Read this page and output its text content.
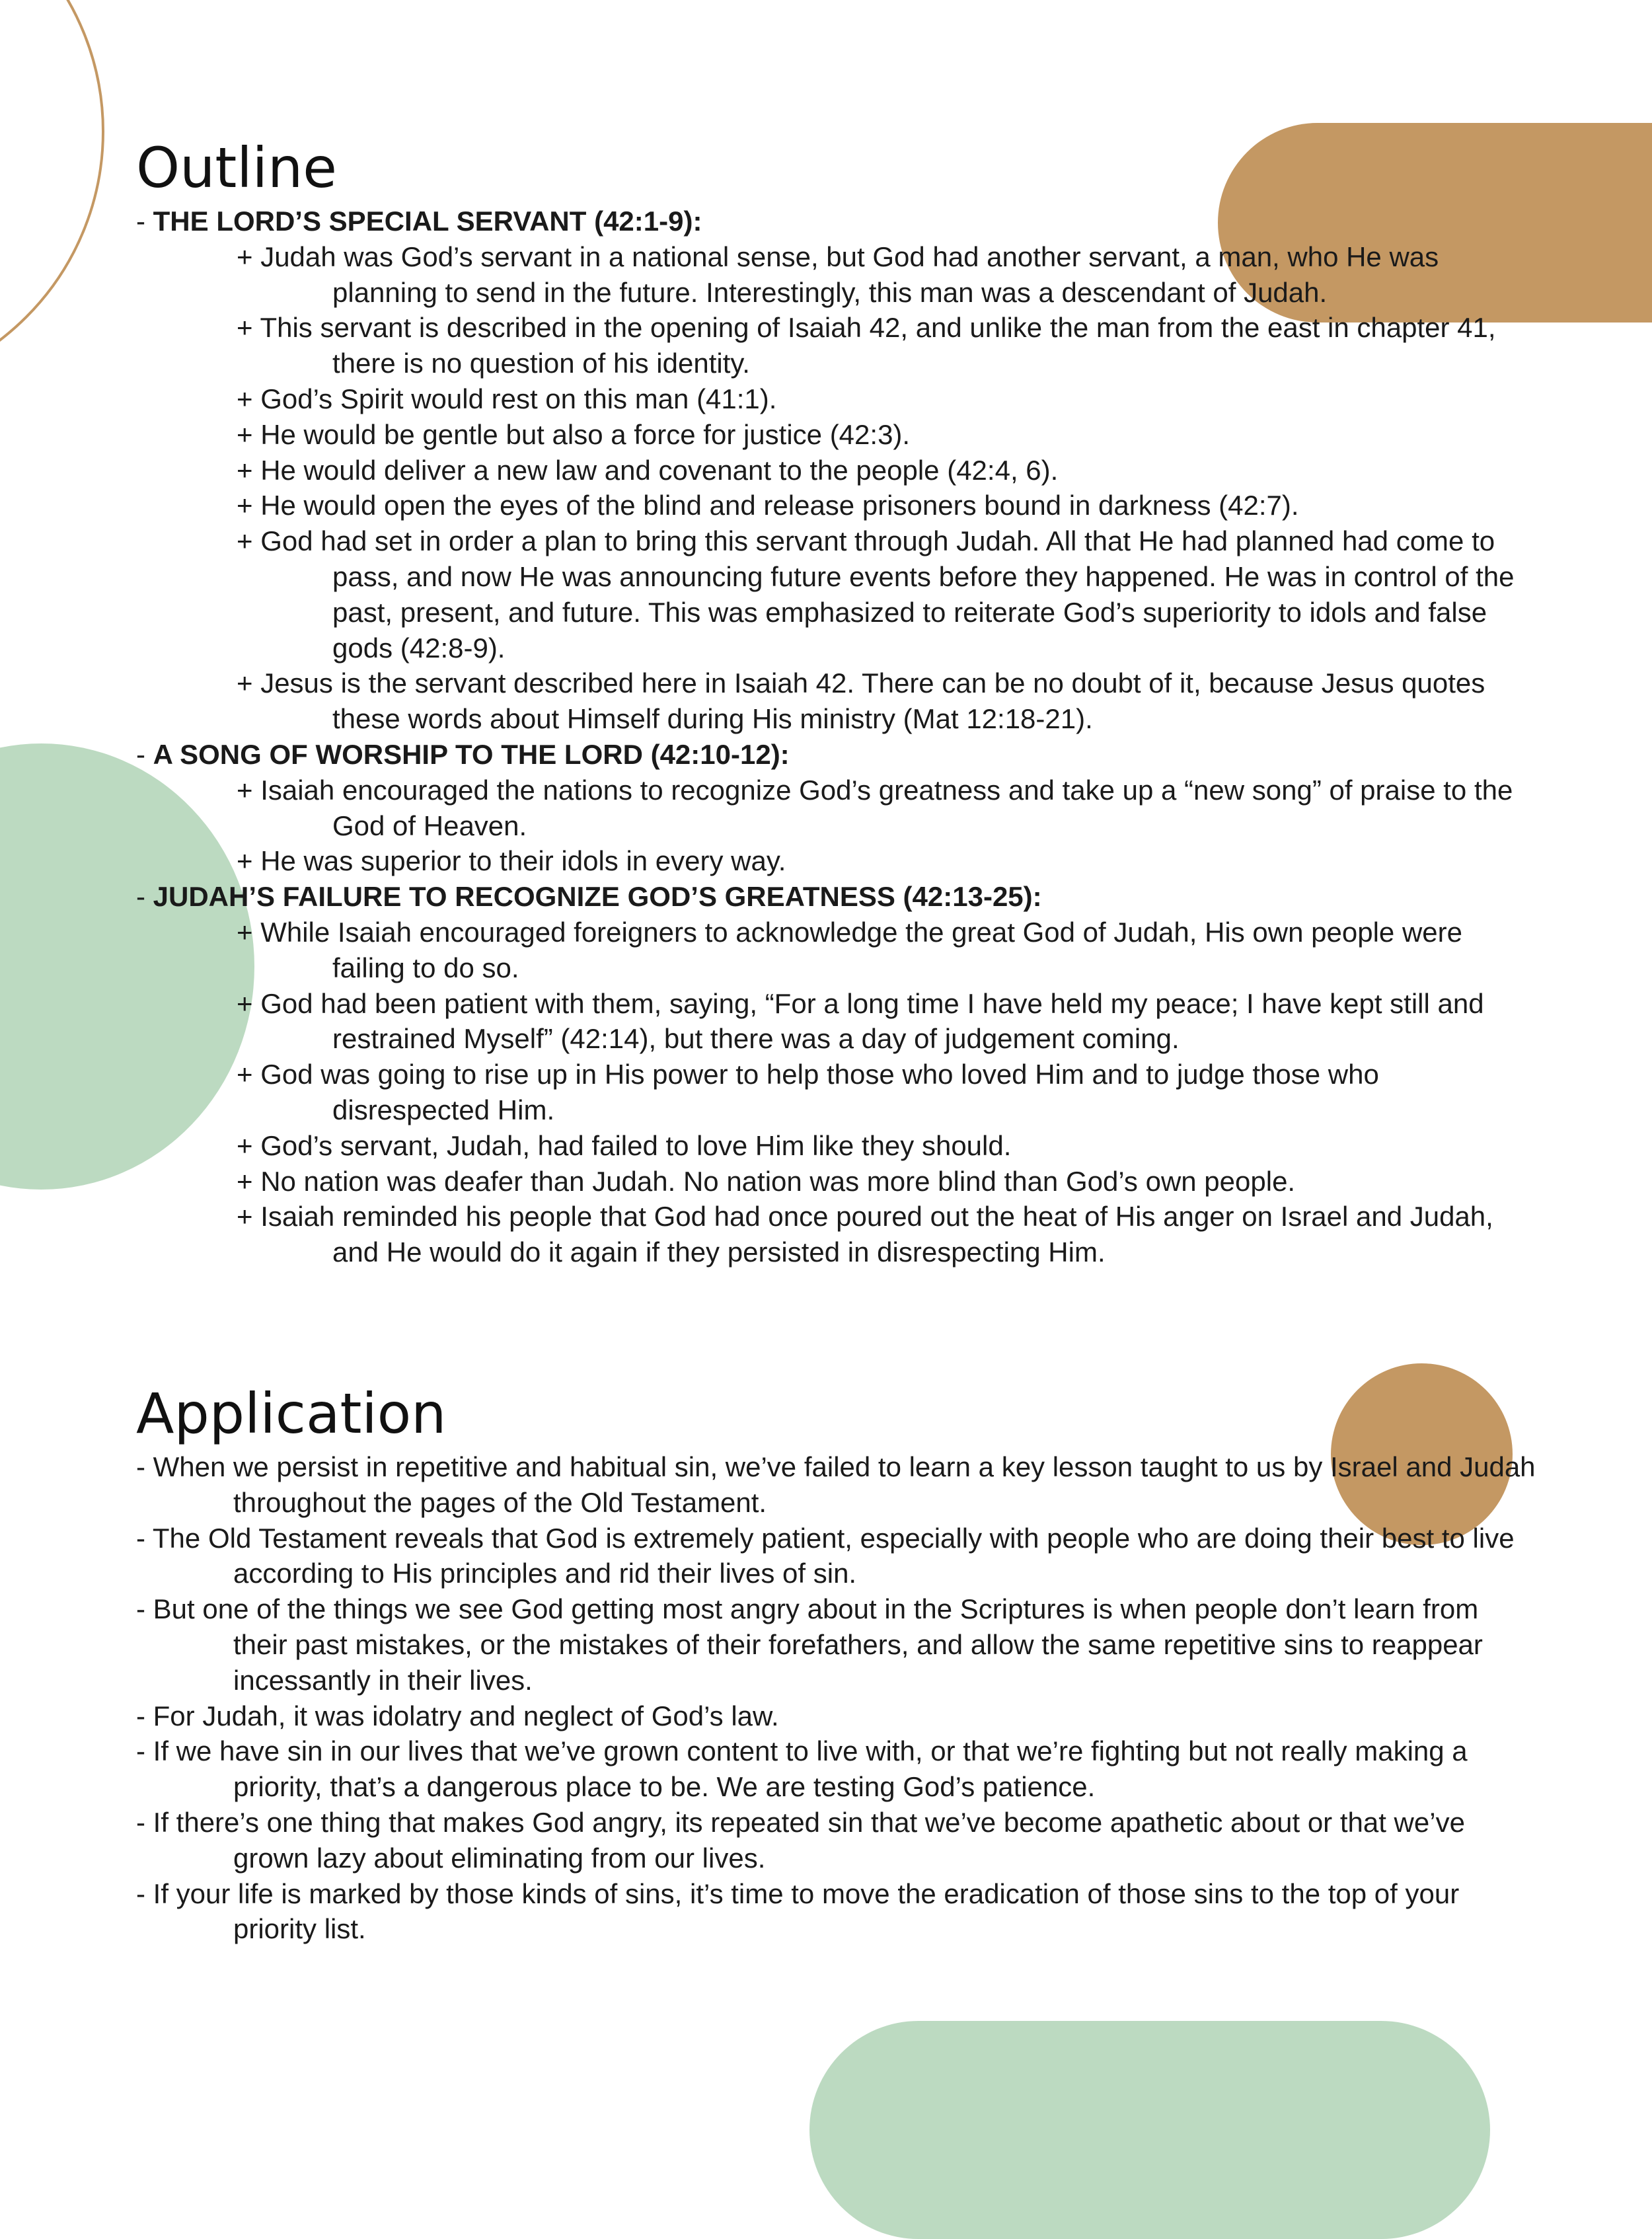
Outline
- THE LORD’S SPECIAL SERVANT (42:1-9):
+ Judah was God’s servant in a national sense, but God had another servant, a man, who He was planning to send in the future. Interestingly, this man was a descendant of Judah.
+ This servant is described in the opening of Isaiah 42, and unlike the man from the east in chapter 41, there is no question of his identity.
+ God’s Spirit would rest on this man (41:1).
+ He would be gentle but also a force for justice (42:3).
+ He would deliver a new law and covenant to the people (42:4, 6).
+ He would open the eyes of the blind and release prisoners bound in darkness (42:7).
+ God had set in order a plan to bring this servant through Judah. All that He had planned had come to pass, and now He was announcing future events before they happened. He was in control of the past, present, and future. This was emphasized to reiterate God’s superiority to idols and false gods (42:8-9).
+ Jesus is the servant described here in Isaiah 42. There can be no doubt of it, because Jesus quotes these words about Himself during His ministry (Mat 12:18-21).
- A SONG OF WORSHIP TO THE LORD (42:10-12):
+ Isaiah encouraged the nations to recognize God’s greatness and take up a “new song” of praise to the God of Heaven.
+ He was superior to their idols in every way.
- JUDAH’S FAILURE TO RECOGNIZE GOD’S GREATNESS (42:13-25):
+ While Isaiah encouraged foreigners to acknowledge the great God of Judah, His own people were failing to do so.
+ God had been patient with them, saying, “For a long time I have held my peace; I have kept still and restrained Myself” (42:14), but there was a day of judgement coming.
+ God was going to rise up in His power to help those who loved Him and to judge those who disrespected Him.
+ God’s servant, Judah, had failed to love Him like they should.
+ No nation was deafer than Judah. No nation was more blind than God’s own people.
+ Isaiah reminded his people that God had once poured out the heat of His anger on Israel and Judah, and He would do it again if they persisted in disrespecting Him.
Application
- When we persist in repetitive and habitual sin, we’ve failed to learn a key lesson taught to us by Israel and Judah throughout the pages of the Old Testament.
- The Old Testament reveals that God is extremely patient, especially with people who are doing their best to live according to His principles and rid their lives of sin.
- But one of the things we see God getting most angry about in the Scriptures is when people don’t learn from their past mistakes, or the mistakes of their forefathers, and allow the same repetitive sins to reappear incessantly in their lives.
- For Judah, it was idolatry and neglect of God’s law.
- If we have sin in our lives that we’ve grown content to live with, or that we’re fighting but not really making a priority, that’s a dangerous place to be. We are testing God’s patience.
- If there’s one thing that makes God angry, its repeated sin that we’ve become apathetic about or that we’ve grown lazy about eliminating from our lives.
- If your life is marked by those kinds of sins, it’s time to move the eradication of those sins to the top of your priority list.
